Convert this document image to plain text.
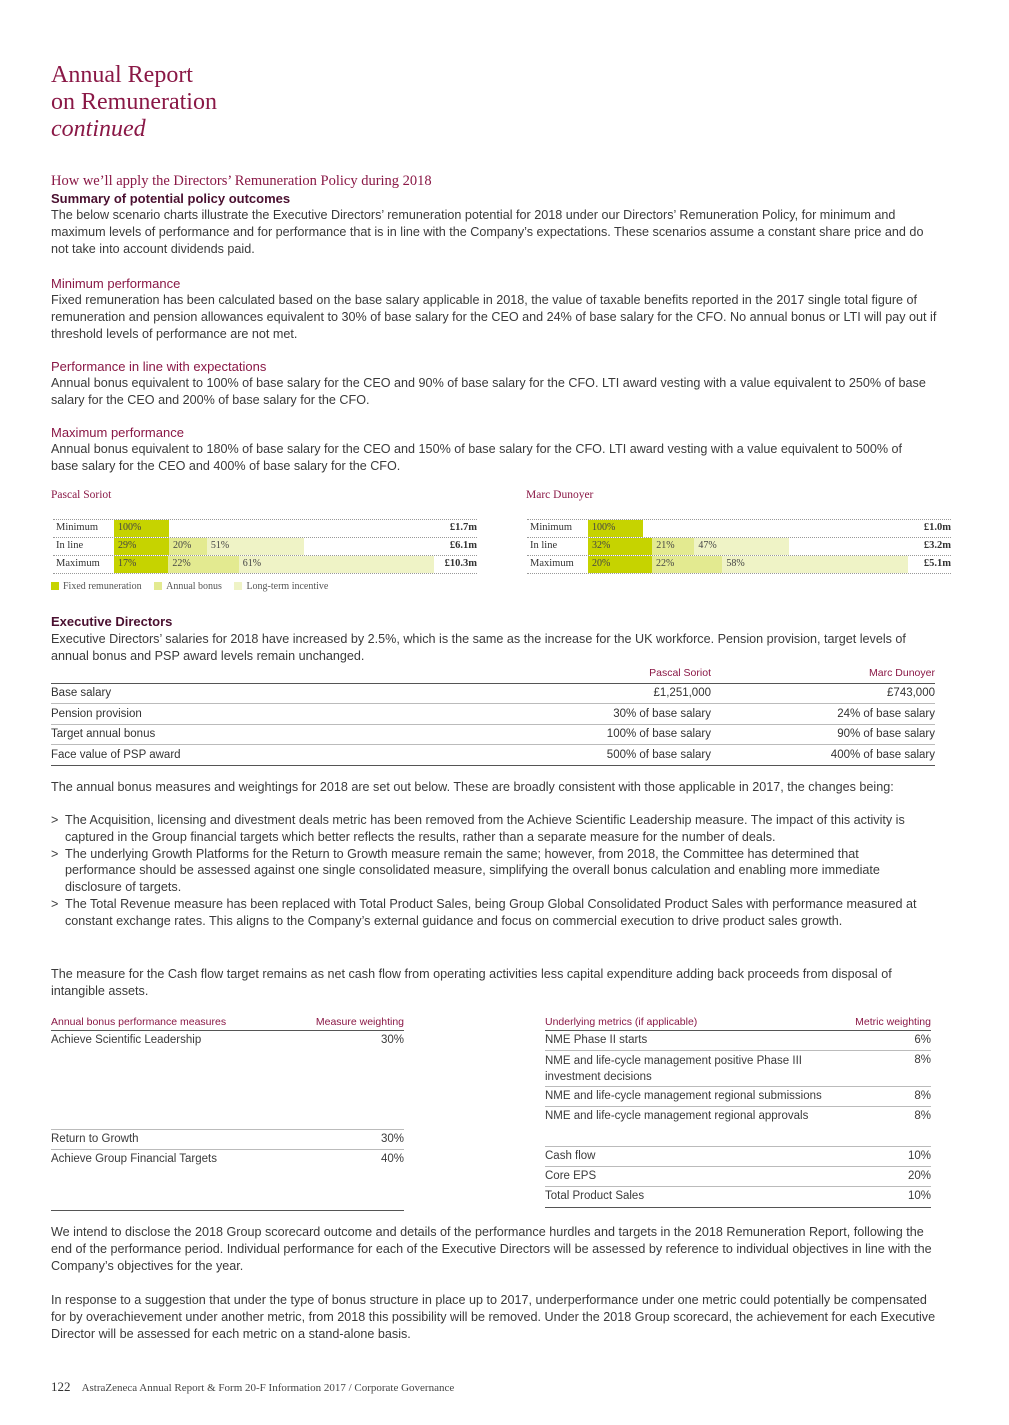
Annual Report
on Remuneration
continued
How we’ll apply the Directors’ Remuneration Policy during 2018
Summary of potential policy outcomes
The below scenario charts illustrate the Executive Directors’ remuneration potential for 2018 under our Directors’ Remuneration Policy, for minimum and maximum levels of performance and for performance that is in line with the Company’s expectations. These scenarios assume a constant share price and do not take into account dividends paid.
Minimum performance
Fixed remuneration has been calculated based on the base salary applicable in 2018, the value of taxable benefits reported in the 2017 single total figure of remuneration and pension allowances equivalent to 30% of base salary for the CEO and 24% of base salary for the CFO. No annual bonus or LTI will pay out if threshold levels of performance are not met.
Performance in line with expectations
Annual bonus equivalent to 100% of base salary for the CEO and 90% of base salary for the CFO. LTI award vesting with a value equivalent to 250% of base salary for the CEO and 200% of base salary for the CFO.
Maximum performance
Annual bonus equivalent to 180% of base salary for the CEO and 150% of base salary for the CFO. LTI award vesting with a value equivalent to 500% of base salary for the CEO and 400% of base salary for the CFO.
Pascal Soriot	Marc Dunoyer
Minimum 100%	£1.7m
In line	29%	20% 51%	£6.1m
Maximum 17%	22%	61%	£10.3m
Minimum 100%	£1.0m
In line	32%	21% 47%	£3.2m
Maximum 20%	22%	58%	£5.1m
Fixed remuneration Annual bonus Long-term incentive
Executive Directors
Executive Directors’ salaries for 2018 have increased by 2.5%, which is the same as the increase for the UK workforce. Pension provision, target levels of annual bonus and PSP award levels remain unchanged.
	Pascal Soriot	Marc Dunoyer
Base salary	£1,251,000	£743,000
Pension provision	30% of base salary	24% of base salary
Target annual bonus	100% of base salary	90% of base salary
Face value of PSP award	500% of base salary	400% of base salary
The annual bonus measures and weightings for 2018 are set out below. These are broadly consistent with those applicable in 2017, the changes being:
> The Acquisition, licensing and divestment deals metric has been removed from the Achieve Scientific Leadership measure. The impact of this activity is captured in the Group financial targets which better reflects the results, rather than a separate measure for the number of deals.
> The underlying Growth Platforms for the Return to Growth measure remain the same; however, from 2018, the Committee has determined that performance should be assessed against one single consolidated measure, simplifying the overall bonus calculation and enabling more immediate disclosure of targets.
> The Total Revenue measure has been replaced with Total Product Sales, being Group Global Consolidated Product Sales with performance measured at constant exchange rates. This aligns to the Company’s external guidance and focus on commercial execution to drive product sales growth.
The measure for the Cash flow target remains as net cash flow from operating activities less capital expenditure adding back proceeds from disposal of intangible assets.
Annual bonus performance measures	Measure weighting
Achieve Scientific Leadership	30%
Return to Growth	30%
Achieve Group Financial Targets	40%
Underlying metrics (if applicable)	Metric weighting
NME Phase II starts	6%
NME and life-cycle management positive Phase III investment decisions
8%
NME and life-cycle management regional submissions	8%
NME and life-cycle management regional approvals	8%
Cash flow	10%
Core EPS	20%
Total Product Sales	10%
We intend to disclose the 2018 Group scorecard outcome and details of the performance hurdles and targets in the 2018 Remuneration Report, following the end of the performance period. Individual performance for each of the Executive Directors will be assessed by reference to individual objectives in line with the Company’s objectives for the year.
In response to a suggestion that under the type of bonus structure in place up to 2017, underperformance under one metric could potentially be compensated for by overachievement under another metric, from 2018 this possibility will be removed. Under the 2018 Group scorecard, the achievement for each Executive Director will be assessed for each metric on a stand-alone basis.
122 AstraZeneca Annual Report & Form 20-F Information 2017 / Corporate Governance
